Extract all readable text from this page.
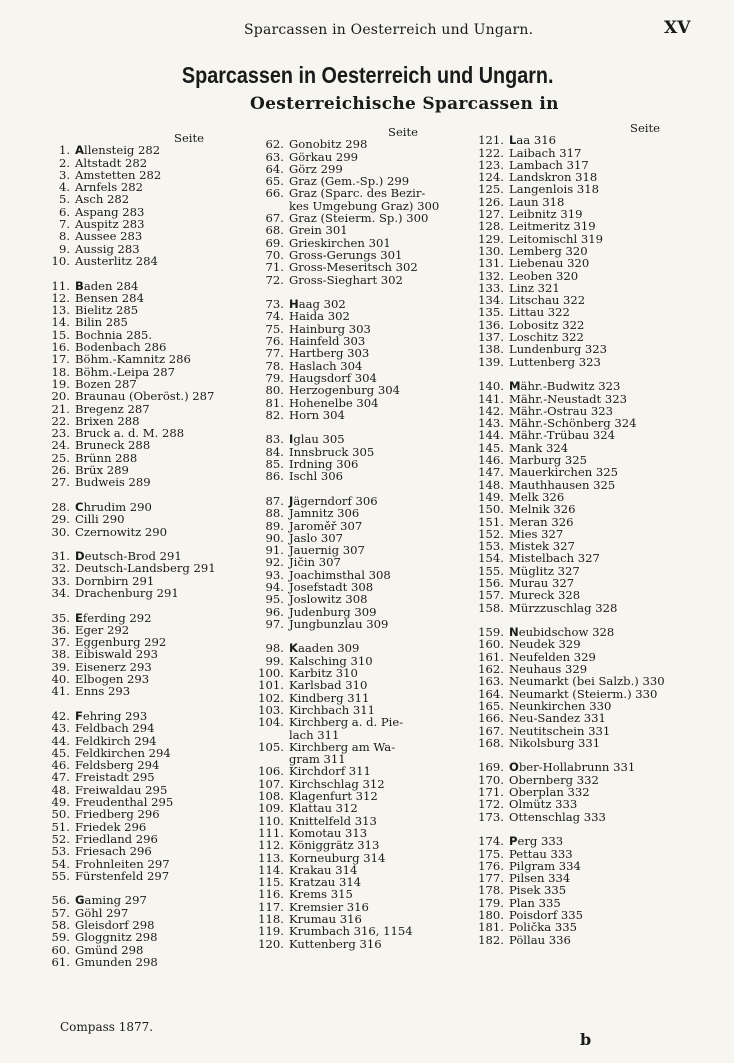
Sparcassen in Oesterreich und Ungarn.	XV
Sparcassen in Oesterreich und Ungarn.
Oesterreichische Sparcassen in
Seite
1. Allensteig 282
2. Altstadt 282
3. Amstetten 282
4. Arnfels 282
5. Asch 282
6. Aspang 283
7. Auspitz 283
8. Aussee 283
9. Aussig 283
10. Austerlitz 284
11. Baden 284
12. Bensen 284
13. Bielitz 285
14. Bilin 285
15. Bochnia 285.
16. Bodenbach 286
17. Böhm.-Kamnitz 286
18. Böhm.-Leipa 287
19. Bozen 287
20. Braunau (Oberöst.) 287
21. Bregenz 287
22. Brixen 288
23. Bruck a. d. M. 288
24. Bruneck 288
25. Brünn 288
26. Brüx 289
27. Budweis 289
28. Chrudim 290
29. Cilli 290
30. Czernowitz 290
31. Deutsch-Brod 291
32. Deutsch-Landsberg 291
33. Dornbirn 291
34. Drachenburg 291
35. Eferding 292
36. Eger 292
37. Eggenburg 292
38. Eibiswald 293
39. Eisenerz 293
40. Elbogen 293
41. Enns 293
42. Fehring 293
43. Feldbach 294
44. Feldkirch 294
45. Feldkirchen 294
46. Feldsberg 294
47. Freistadt 295
48. Freiwaldau 295
49. Freudenthal 295
50. Friedberg 296
51. Friedek 296
52. Friedland 296
53. Friesach 296
54. Frohnleiten 297
55. Fürstenfeld 297
56. Gaming 297
57. Göhl 297
58. Gleisdorf 298
59. Gloggnitz 298
60. Gmünd 298
61. Gmunden 298
Seite
62. Gonobitz 298
63. Görkau 299
64. Görz 299
65. Graz (Gem.-Sp.) 299
66. Graz (Sparc. des Bezir-
kes Umgebung Graz) 300
67. Graz (Steierm. Sp.) 300
68. Grein 301
69. Grieskirchen 301
70. Gross-Gerungs 301
71. Gross-Meseritsch 302
72. Gross-Sieghart 302
73. Haag 302
74. Haida 302
75. Hainburg 303
76. Hainfeld 303
77. Hartberg 303
78. Haslach 304
79. Haugsdorf 304
80. Herzogenburg 304
81. Hohenelbe 304
82. Horn 304
83. Iglau 305
84. Innsbruck 305
85. Irdning 306
86. Ischl 306
87. Jägerndorf 306
88. Jamnitz 306
89. Jaroměř 307
90. Jaslo 307
91. Jauernig 307
92. Jičin 307
93. Joachimsthal 308
94. Josefstadt 308
95. Joslowitz 308
96. Judenburg 309
97. Jungbunzlau 309
98. Kaaden 309
99. Kalsching 310
100. Karbitz 310
101. Karlsbad 310
102. Kindberg 311
103. Kirchbach 311
104. Kirchberg a. d. Pie-
lach 311
105. Kirchberg am Wa-
gram 311
106. Kirchdorf 311
107. Kirchschlag 312
108. Klagenfurt 312
109. Klattau 312
110. Knittelfeld 313
111. Komotau 313
112. Königgrätz 313
113. Korneuburg 314
114. Krakau 314
115. Kratzau 314
116. Krems 315
117. Kremsier 316
118. Krumau 316
119. Krumbach 316, 1154
120. Kuttenberg 316
Seite
121. Laa 316
122. Laibach 317
123. Lambach 317
124. Landskron 318
125. Langenlois 318
126. Laun 318
127. Leibnitz 319
128. Leitmeritz 319
129. Leitomischl 319
130. Lemberg 320
131. Liebenau 320
132. Leoben 320
133. Linz 321
134. Litschau 322
135. Littau 322
136. Lobositz 322
137. Loschitz 322
138. Lundenburg 323
139. Luttenberg 323
140. Mähr.-Budwitz 323
141. Mähr.-Neustadt 323
142. Mähr.-Ostrau 323
143. Mähr.-Schönberg 324
144. Mähr.-Trübau 324
145. Mank 324
146. Marburg 325
147. Mauerkirchen 325
148. Mauthhausen 325
149. Melk 326
150. Melnik 326
151. Meran 326
152. Mies 327
153. Mistek 327
154. Mistelbach 327
155. Müglitz 327
156. Murau 327
157. Mureck 328
158. Mürzzuschlag 328
159. Neubidschow 328
160. Neudek 329
161. Neufelden 329
162. Neuhaus 329
163. Neumarkt (bei Salzb.) 330
164. Neumarkt (Steierm.) 330
165. Neunkirchen 330
166. Neu-Sandez 331
167. Neutitschein 331
168. Nikolsburg 331
169. Ober-Hollabrunn 331
170. Obernberg 332
171. Oberplan 332
172. Olmütz 333
173. Ottenschlag 333
174. Perg 333
175. Pettau 333
176. Pilgram 334
177. Pilsen 334
178. Pisek 335
179. Plan 335
180. Poisdorf 335
181. Polička 335
182. Pöllau 336
Compass 1877.
b
